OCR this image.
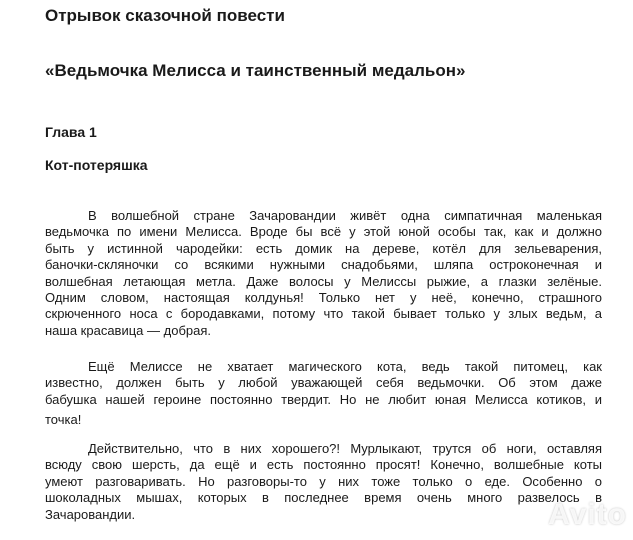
Отрывок сказочной повести
«Ведьмочка Мелисса и таинственный медальон»
Глава 1
Кот-потеряшка
В волшебной стране Зачаровандии живёт одна симпатичная маленькая
ведьмочка по имени Мелисса. Вроде бы всё у этой юной особы так, как и должно
быть у истинной чародейки: есть домик на дереве, котёл для зельеварения,
баночки-скляночки со всякими нужными снадобьями, шляпа остроконечная и
волшебная летающая метла. Даже волосы у Мелиссы рыжие, а глазки зелёные.
Одним словом, настоящая колдунья! Только нет у неё, конечно, страшного
скрюченного носа с бородавками, потому что такой бывает только у злых ведьм, а
наша красавица — добрая.
Ещё Мелиссе не хватает магического кота, ведь такой питомец, как
известно, должен быть у любой уважающей себя ведьмочки. Об этом даже
бабушка нашей героине постоянно твердит. Но не любит юная Мелисса котиков, и
точка!
Действительно, что в них хорошего?! Мурлыкают, трутся об ноги, оставляя
всюду свою шерсть, да ещё и есть постоянно просят! Конечно, волшебные коты
умеют разговаривать. Но разговоры-то у них тоже только о еде. Особенно о
шоколадных мышах, которых в последнее время очень много развелось в
Зачаровандии.	Avito
